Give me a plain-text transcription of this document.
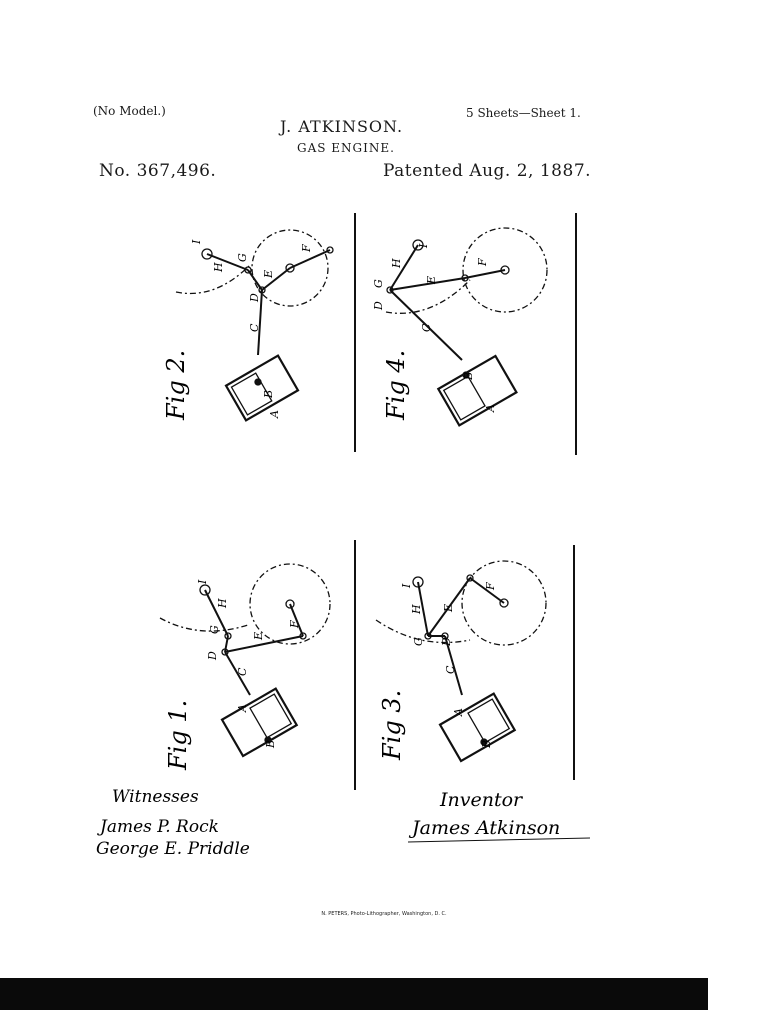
(No Model.)	5 Sheets—Sheet 1.
J. ATKINSON.
GAS ENGINE.
No. 367,496.	Patented Aug. 2, 1887.
I
H
G
E
F
D
C
B
A
Fig 2.
I
H
G
D
E
F
C
B
A
Fig 4.
I
H
G
D
E
F
C
A
B
Fig 1.
I
H E
F
G D
C
A
B
Fig 3.
Witnesses
James P. Rock
George E. Priddle
Inventor
James Atkinson
N. PETERS, Photo-Lithographer, Washington, D. C.
